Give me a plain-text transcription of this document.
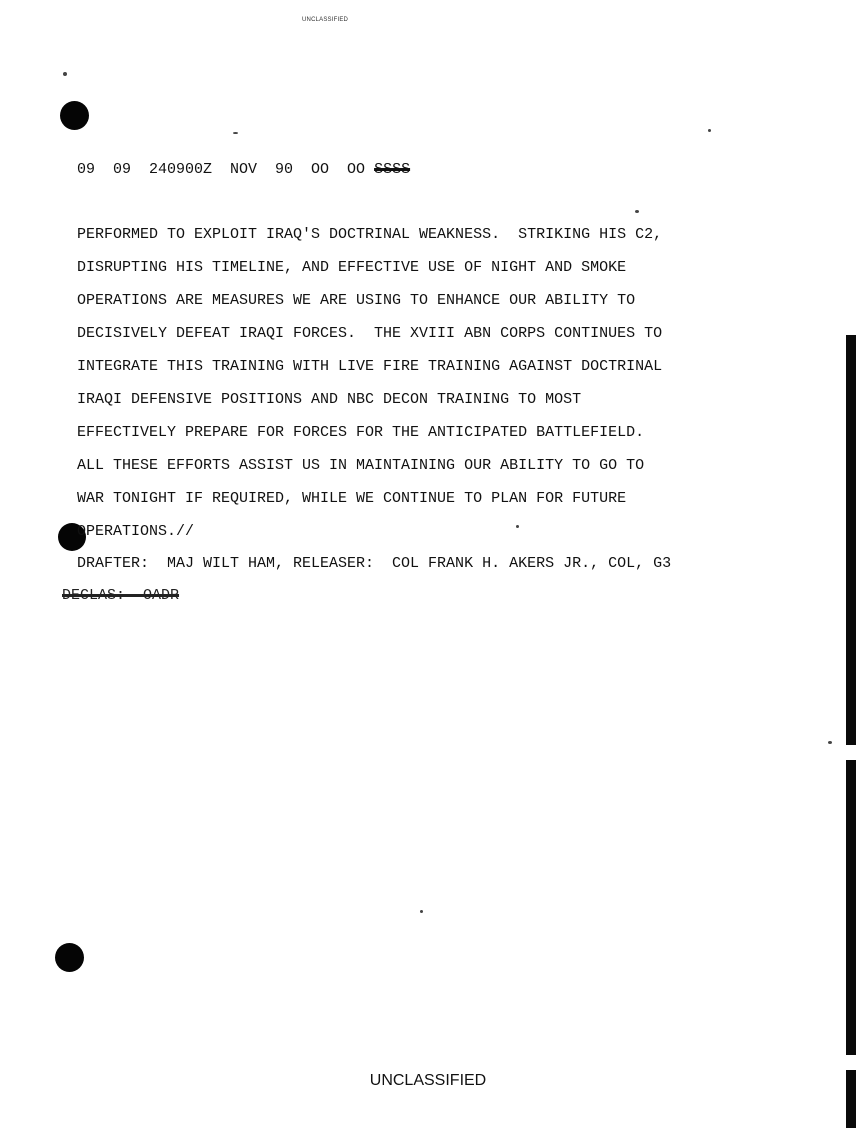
UNCLASSIFIED
09  09  240900Z  NOV  90  OO  OO SSSS
PERFORMED TO EXPLOIT IRAQ'S DOCTRINAL WEAKNESS.  STRIKING HIS C2,
DISRUPTING HIS TIMELINE, AND EFFECTIVE USE OF NIGHT AND SMOKE
OPERATIONS ARE MEASURES WE ARE USING TO ENHANCE OUR ABILITY TO
DECISIVELY DEFEAT IRAQI FORCES.  THE XVIII ABN CORPS CONTINUES TO
INTEGRATE THIS TRAINING WITH LIVE FIRE TRAINING AGAINST DOCTRINAL
IRAQI DEFENSIVE POSITIONS AND NBC DECON TRAINING TO MOST
EFFECTIVELY PREPARE FOR FORCES FOR THE ANTICIPATED BATTLEFIELD.
ALL THESE EFFORTS ASSIST US IN MAINTAINING OUR ABILITY TO GO TO
WAR TONIGHT IF REQUIRED, WHILE WE CONTINUE TO PLAN FOR FUTURE
OPERATIONS.//
DRAFTER:  MAJ WILT HAM, RELEASER:  COL FRANK H. AKERS JR., COL, G3
DECLAS:  OADR
UNCLASSIFIED
